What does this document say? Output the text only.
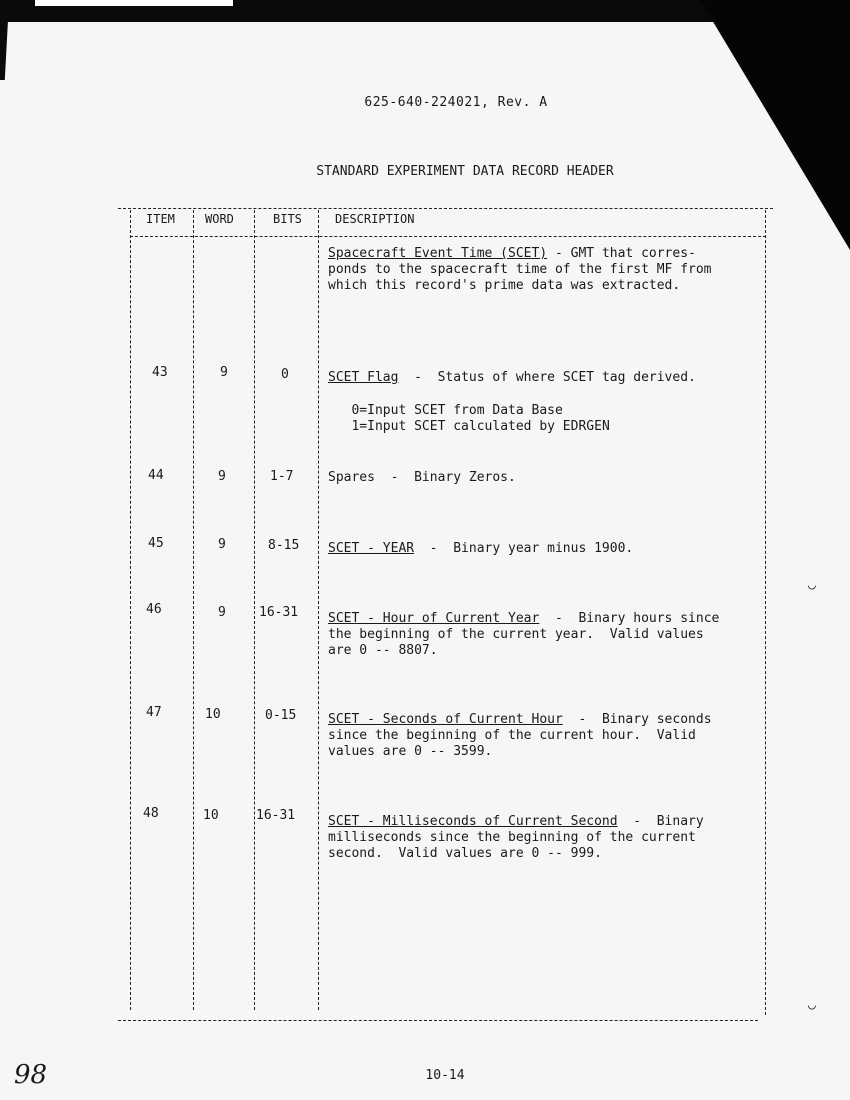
◡
◡
625-640-224021, Rev. A
STANDARD EXPERIMENT DATA RECORD HEADER
ITEM	WORD	BITS	DESCRIPTION
Spacecraft Event Time (SCET) - GMT that corres-
ponds to the spacecraft time of the first MF from
which this record's prime data was extracted.
43	9	0	SCET Flag  -  Status of where SCET tag derived.
0=Input SCET from Data Base
1=Input SCET calculated by EDRGEN
44	9	1-7	Spares  -  Binary Zeros.
45	9	8-15 SCET - YEAR  -  Binary year minus 1900.
46	9	16-31 SCET - Hour of Current Year  -  Binary hours since
the beginning of the current year.  Valid values
are 0 -- 8807.
47	10	0-15 SCET - Seconds of Current Hour  -  Binary seconds
since the beginning of the current hour.  Valid
values are 0 -- 3599.
48	10	16-31	SCET - Milliseconds of Current Second  -  Binary
milliseconds since the beginning of the current
second.  Valid values are 0 -- 999.
10-14
98
